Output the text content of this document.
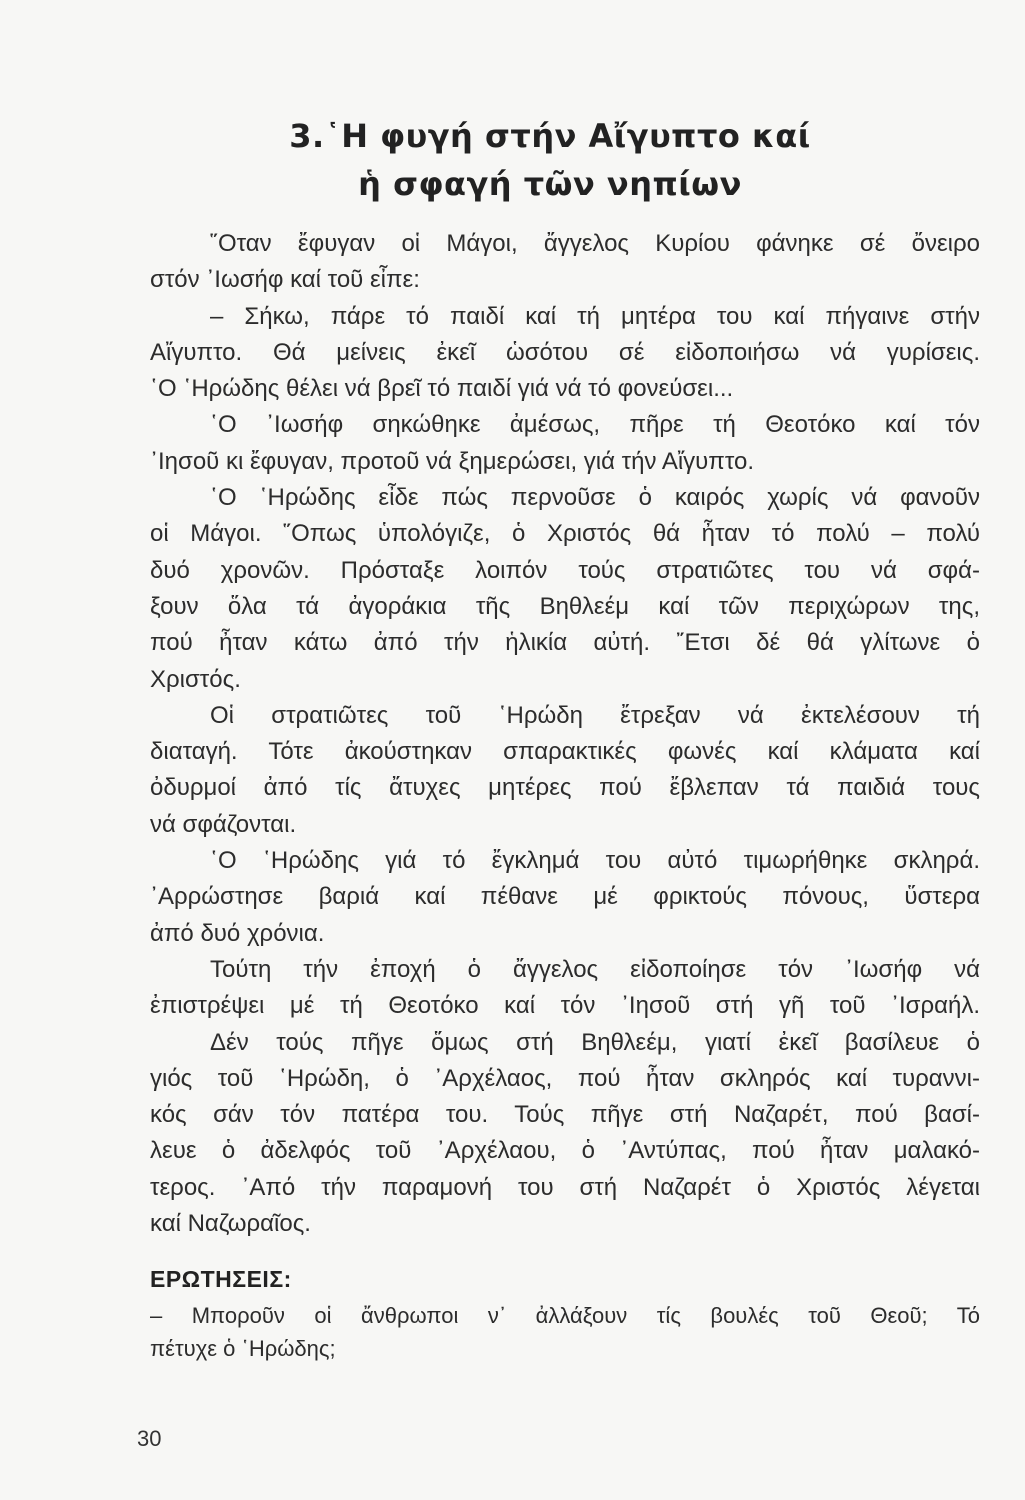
3.῾Η φυγή στήν Αἴγυπτο καί
ἡ σφαγή τῶν νηπίων
῞Οταν ἔφυγαν οἱ Μάγοι, ἄγγελος Κυρίου φάνηκε σέ ὄνειρο
στόν ᾿Ιωσήφ καί τοῦ εἶπε:
– Σήκω, πάρε τό παιδί καί τή μητέρα του καί πήγαινε στήν
Αἴγυπτο. Θά μείνεις ἐκεῖ ὡσότου σέ εἰδοποιήσω νά γυρίσεις.
῾Ο ῾Ηρώδης θέλει νά βρεῖ τό παιδί γιά νά τό φονεύσει...
῾Ο ᾿Ιωσήφ σηκώθηκε ἀμέσως, πῆρε τή Θεοτόκο καί τόν
᾿Ιησοῦ κι ἔφυγαν, προτοῦ νά ξημερώσει, γιά τήν Αἴγυπτο.
῾Ο ῾Ηρώδης εἶδε πώς περνοῦσε ὁ καιρός χωρίς νά φανοῦν
οἱ Μάγοι. ῞Οπως ὑπολόγιζε, ὁ Χριστός θά ἦταν τό πολύ – πολύ
δυό χρονῶν. Πρόσταξε λοιπόν τούς στρατιῶτες του νά σφά-
ξουν ὅλα τά ἀγοράκια τῆς Βηθλεέμ καί τῶν περιχώρων της,
πού ἦταν κάτω ἀπό τήν ἡλικία αὐτή. ῎Ετσι δέ θά γλίτωνε ὁ
Χριστός.
Οἱ στρατιῶτες τοῦ ῾Ηρώδη ἔτρεξαν νά ἐκτελέσουν τή
διαταγή. Τότε ἀκούστηκαν σπαρακτικές φωνές καί κλάματα καί
ὀδυρμοί ἀπό τίς ἄτυχες μητέρες πού ἔβλεπαν τά παιδιά τους
νά σφάζονται.
῾Ο ῾Ηρώδης γιά τό ἔγκλημά του αὐτό τιμωρήθηκε σκληρά.
᾿Αρρώστησε βαριά καί πέθανε μέ φρικτούς πόνους, ὕστερα
ἀπό δυό χρόνια.
Τούτη τήν ἐποχή ὁ ἄγγελος εἰδοποίησε τόν ᾿Ιωσήφ νά
ἐπιστρέψει μέ τή Θεοτόκο καί τόν ᾿Ιησοῦ στή γῆ τοῦ ᾿Ισραήλ.
Δέν τούς πῆγε ὅμως στή Βηθλεέμ, γιατί ἐκεῖ βασίλευε ὁ
γιός τοῦ ῾Ηρώδη, ὁ ᾿Αρχέλαος, πού ἦταν σκληρός καί τυραννι-
κός σάν τόν πατέρα του. Τούς πῆγε στή Ναζαρέτ, πού βασί-
λευε ὁ ἀδελφός τοῦ ᾿Αρχέλαου, ὁ ᾿Αντύπας, πού ἦταν μαλακό-
τερος. ᾿Από τήν παραμονή του στή Ναζαρέτ ὁ Χριστός λέγεται
καί Ναζωραῖος.
ΕΡΩΤΗΣΕΙΣ:
– Μποροῦν οἱ ἄνθρωποι ν᾿ ἀλλάξουν τίς βουλές τοῦ Θεοῦ; Τό
πέτυχε ὁ ῾Ηρώδης;
30
